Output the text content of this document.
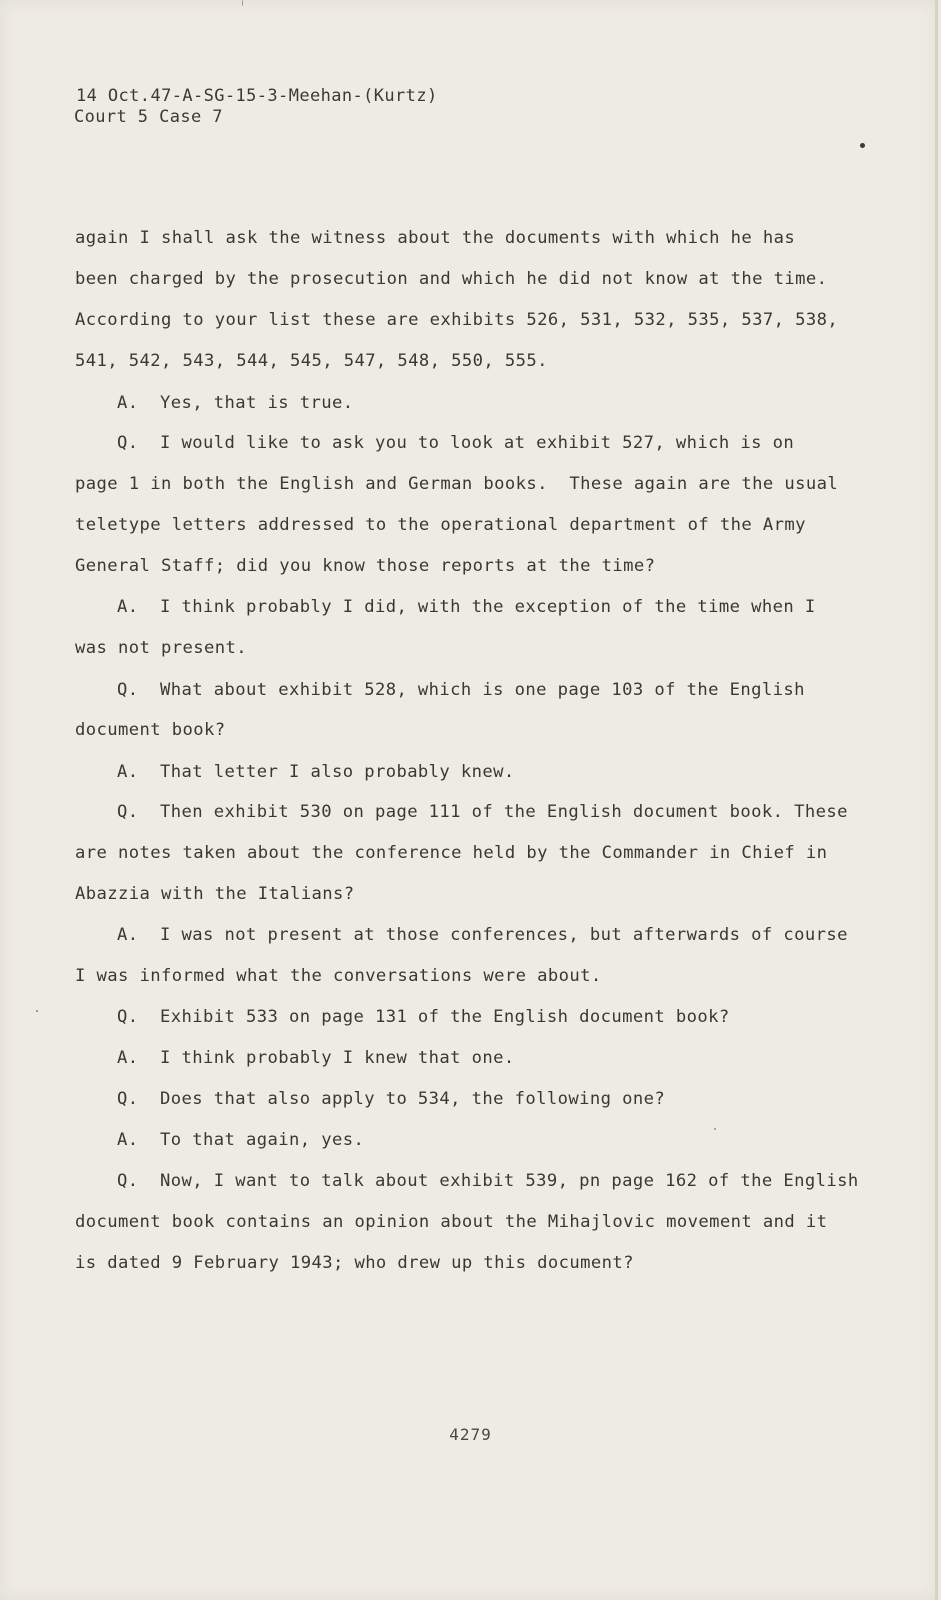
14 Oct.47-A-SG-15-3-Meehan-(Kurtz)
Court 5 Case 7
again I shall ask the witness about the documents with which he has
been charged by the prosecution and which he did not know at the time.
According to your list these are exhibits 526, 531, 532, 535, 537, 538,
541, 542, 543, 544, 545, 547, 548, 550, 555.
A.  Yes, that is true.
Q.  I would like to ask you to look at exhibit 527, which is on
page 1 in both the English and German books.  These again are the usual
teletype letters addressed to the operational department of the Army
General Staff; did you know those reports at the time?
A.  I think probably I did, with the exception of the time when I
was not present.
Q.  What about exhibit 528, which is one page 103 of the English
document book?
A.  That letter I also probably knew.
Q.  Then exhibit 530 on page 111 of the English document book. These
are notes taken about the conference held by the Commander in Chief in
Abazzia with the Italians?
A.  I was not present at those conferences, but afterwards of course
I was informed what the conversations were about.
Q.  Exhibit 533 on page 131 of the English document book?
A.  I think probably I knew that one.
Q.  Does that also apply to 534, the following one?
A.  To that again, yes.
Q.  Now, I want to talk about exhibit 539, pn page 162 of the English
document book contains an opinion about the Mihajlovic movement and it
is dated 9 February 1943; who drew up this document?
4279
